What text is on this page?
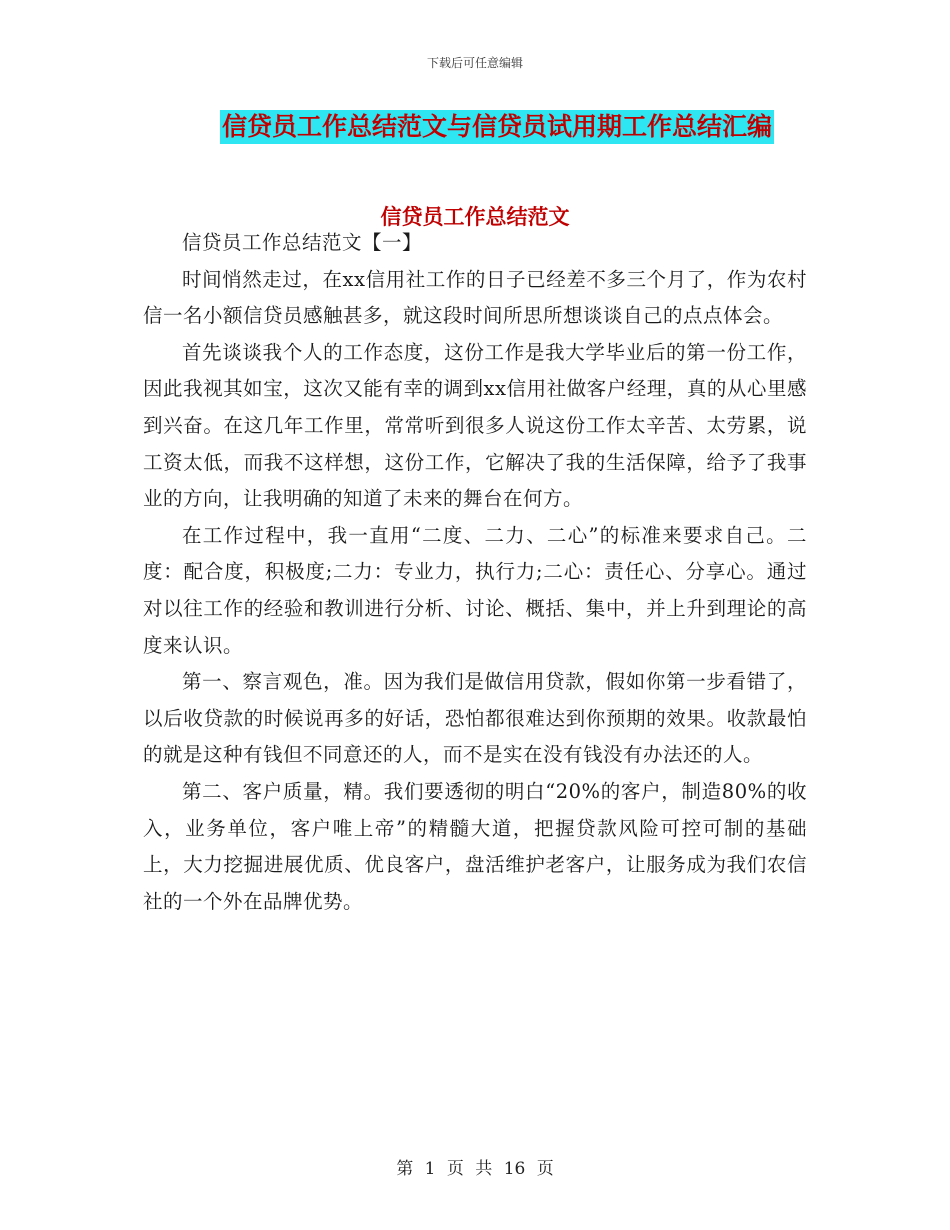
下载后可任意编辑
信贷员工作总结范文与信贷员试用期工作总结汇编
信贷员工作总结范文

信贷员工作总结范文【一】

时间悄然走过，在xx信用社工作的日子已经差不多三个月了，作为农村信一名小额信贷员感触甚多，就这段时间所思所想谈谈自己的点点体会。

首先谈谈我个人的工作态度，这份工作是我大学毕业后的第一份工作，因此我视其如宝，这次又能有幸的调到xx信用社做客户经理，真的从心里感到兴奋。在这几年工作里，常常听到很多人说这份工作太辛苦、太劳累，说工资太低，而我不这样想，这份工作，它解决了我的生活保障，给予了我事业的方向，让我明确的知道了未来的舞台在何方。

在工作过程中，我一直用“二度、二力、二心”的标准来要求自己。二度：配合度，积极度;二力：专业力，执行力;二心：责任心、分享心。通过对以往工作的经验和教训进行分析、讨论、概括、集中，并上升到理论的高度来认识。

第一、察言观色，准。因为我们是做信用贷款，假如你第一步看错了，以后收贷款的时候说再多的好话，恐怕都很难达到你预期的效果。收款最怕的就是这种有钱但不同意还的人，而不是实在没有钱没有办法还的人。

第二、客户质量，精。我们要透彻的明白“20%的客户，制造80%的收入，业务单位，客户唯上帝”的精髓大道，把握贷款风险可控可制的基础上，大力挖掘进展优质、优良客户，盘活维护老客户，让服务成为我们农信社的一个外在品牌优势。

第 1 页 共 16 页
